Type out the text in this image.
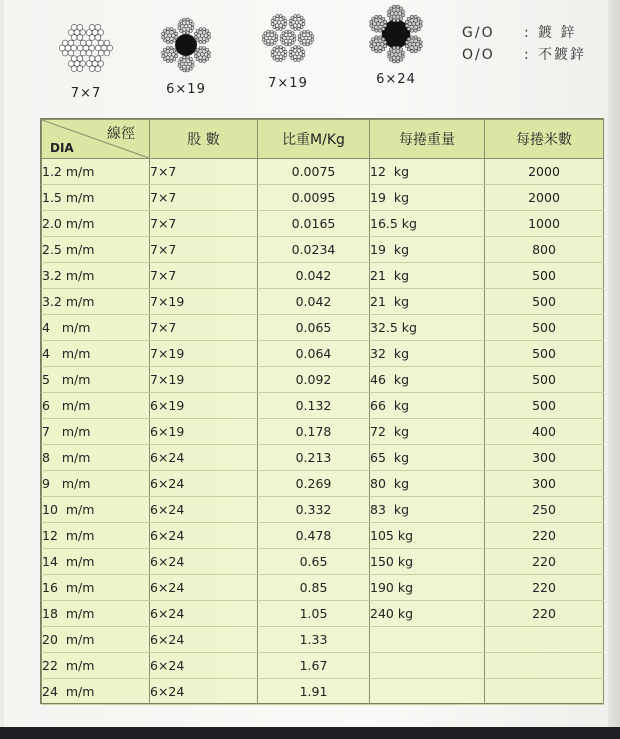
7×7	6×19	7×19	6×24
G/O	: 鍍 鋅
O/O	: 不鍍鋅
線徑
DIA	股 數	比重M/Kg	每捲重量	每捲米數
1.2 m/m	7×7	0.0075	12  kg	2000
1.5 m/m	7×7	0.0095	19  kg	2000
2.0 m/m	7×7	0.0165	16.5 kg	1000
2.5 m/m	7×7	0.0234	19  kg	800
3.2 m/m	7×7	0.042	21  kg	500
3.2 m/m	7×19	0.042	21  kg	500
4   m/m	7×7	0.065	32.5 kg	500
4   m/m	7×19	0.064	32  kg	500
5   m/m	7×19	0.092	46  kg	500
6   m/m	6×19	0.132	66  kg	500
7   m/m	6×19	0.178	72  kg	400
8   m/m	6×24	0.213	65  kg	300
9   m/m	6×24	0.269	80  kg	300
10  m/m	6×24	0.332	83  kg	250
12  m/m	6×24	0.478	105 kg	220
14  m/m	6×24	0.65	150 kg	220
16  m/m	6×24	0.85	190 kg	220
18  m/m	6×24	1.05	240 kg	220
20  m/m	6×24	1.33		
22  m/m	6×24	1.67		
24  m/m	6×24	1.91		
